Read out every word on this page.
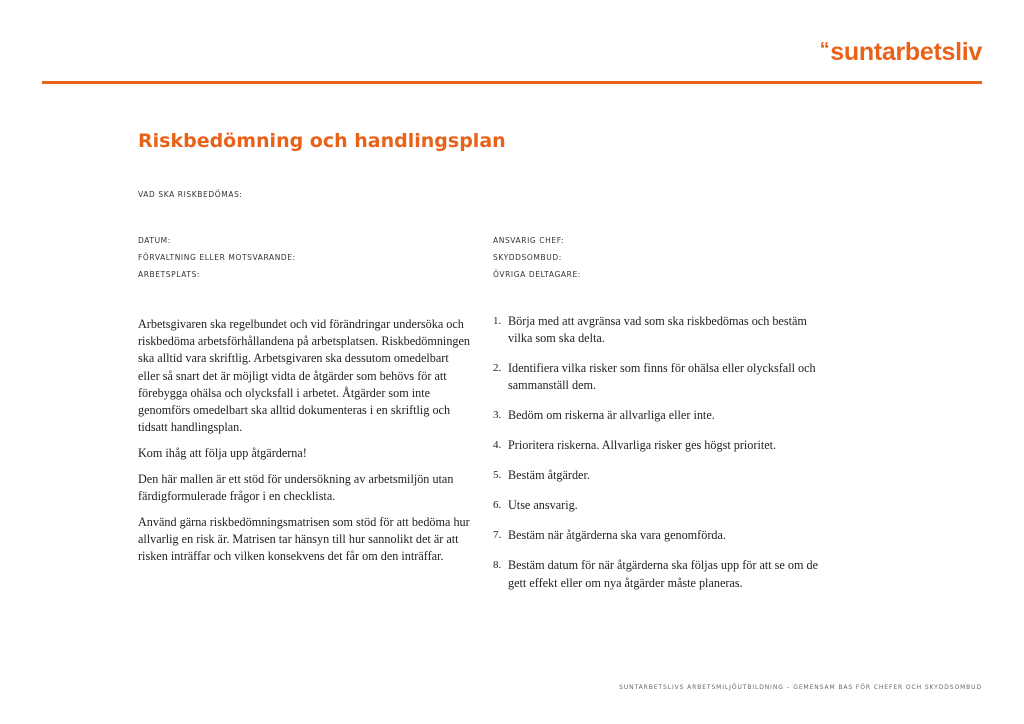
“suntarbetsliv
Riskbedömning och handlingsplan
VAD SKA RISKBEDÖMAS:
DATUM:
FÖRVALTNING ELLER MOTSVARANDE:
ARBETSPLATS:
ANSVARIG CHEF:
SKYDDSOMBUD:
ÖVRIGA DELTAGARE:

Arbetsgivaren ska regelbundet och vid förändringar undersöka och riskbedöma arbetsförhållandena på arbetsplatsen. Riskbedömningen ska alltid vara skriftlig. Arbetsgivaren ska dessutom omedelbart eller så snart det är möjligt vidta de åtgärder som behövs för att förebygga ohälsa och olycksfall i arbetet. Åtgärder som inte genomförs omedelbart ska alltid dokumenteras i en skriftlig och tidsatt handlingsplan.

Kom ihåg att följa upp åtgärderna!

Den här mallen är ett stöd för undersökning av arbetsmiljön utan färdigformulerade frågor i en checklista.

Använd gärna riskbedömningsmatrisen som stöd för att bedöma hur allvarlig en risk är. Matrisen tar hänsyn till hur sannolikt det är att risken inträffar och vilken konsekvens det får om den inträffar.

1. Börja med att avgränsa vad som ska riskbedömas och bestäm vilka som ska delta.
2. Identifiera vilka risker som finns för ohälsa eller olycksfall och sammanställ dem.
3. Bedöm om riskerna är allvarliga eller inte.
4. Prioritera riskerna. Allvarliga risker ges högst prioritet.
5. Bestäm åtgärder.
6. Utse ansvarig.
7. Bestäm när åtgärderna ska vara genomförda.
8. Bestäm datum för när åtgärderna ska följas upp för att se om de gett effekt eller om nya åtgärder måste planeras.
SUNTARBETSLIVS ARBETSMILJÖUTBILDNING – GEMENSAM BAS FÖR CHEFER OCH SKYDDSOMBUD
